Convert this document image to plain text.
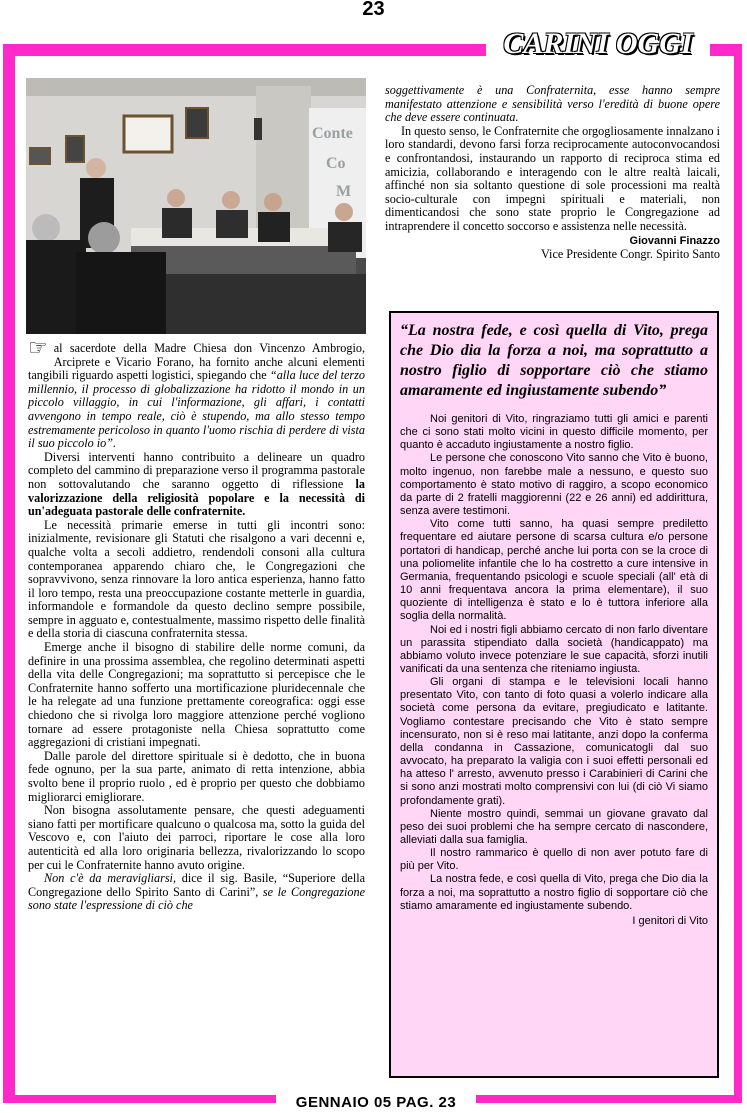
23
CARINI OGGI
Conte
Co
M

☞ al sacerdote della Madre Chiesa don Vincenzo Ambrogio, Arciprete e Vicario Forano, ha fornito anche alcuni elementi tangibili riguardo aspetti logistici, spiegando che “alla luce del terzo millennio, il processo di globalizzazione ha ridotto il mondo in un piccolo villaggio, in cui l'informazione, gli affari, i contatti avvengono in tempo reale, ciò è stupendo, ma allo stesso tempo estremamente pericoloso in quanto l'uomo rischia di perdere di vista il suo piccolo io”.

Diversi interventi hanno contribuito a delineare un quadro completo del cammino di preparazione verso il programma pastorale non sottovalutando che saranno oggetto di riflessione la valorizzazione della religiosità popolare e la necessità di un'adeguata pastorale delle confraternite.

Le necessità primarie emerse in tutti gli incontri sono: inizialmente, revisionare gli Statuti che risalgono a vari decenni e, qualche volta a secoli addietro, rendendoli consoni alla cultura contemporanea apparendo chiaro che, le Congregazioni che sopravvivono, senza rinnovare la loro antica esperienza, hanno fatto il loro tempo, resta una preoccupazione costante metterle in guardia, informandole e formandole da questo declino sempre possibile, sempre in agguato e, contestualmente, massimo rispetto delle finalità e della storia di ciascuna confraternita stessa.

Emerge anche il bisogno di stabilire delle norme comuni, da definire in una prossima assemblea, che regolino determinati aspetti della vita delle Congregazioni; ma soprattutto si percepisce che le Confraternite hanno sofferto una mortificazione pluridecennale che le ha relegate ad una funzione prettamente coreografica: oggi esse chiedono che si rivolga loro maggiore attenzione perché vogliono tornare ad essere protagoniste nella Chiesa soprattutto come aggregazioni di cristiani impegnati.

Dalle parole del direttore spirituale si è dedotto, che in buona fede ognuno, per la sua parte, animato di retta intenzione, abbia svolto bene il proprio ruolo , ed è proprio per questo che dobbiamo migliorarci emigliorare.

Non bisogna assolutamente pensare, che questi adeguamenti siano fatti per mortificare qualcuno o qualcosa ma, sotto la guida del Vescovo e, con l'aiuto dei parroci, riportare le cose alla loro autenticità ed alla loro originaria bellezza, rivalorizzando lo scopo per cui le Confraternite hanno avuto origine.

Non c'è da meravigliarsi, dice il sig. Basile, “Superiore della Congregazione dello Spirito Santo di Carini”, se le Congregazione sono state l'espressione di ciò che

soggettivamente è una Confraternita, esse hanno sempre manifestato attenzione e sensibilità verso l'eredità di buone opere che deve essere continuata.

In questo senso, le Confraternite che orgogliosamente innalzano i loro standardi, devono farsi forza reciprocamente autoconvocandosi e confrontandosi, instaurando un rapporto di reciproca stima ed amicizia, collaborando e interagendo con le altre realtà laicali, affinché non sia soltanto questione di sole processioni ma realtà socio-culturale con impegni spirituali e materiali, non dimenticandosi che sono state proprio le Congregazione ad intraprendere il concetto soccorso e assistenza nelle necessità.

Giovanni Finazzo

Vice Presidente Congr. Spirito Santo

“La nostra fede, e così quella di Vito, prega che Dio dia la forza a noi, ma soprattutto a nostro figlio di sopportare ciò che stiamo amaramente ed ingiustamente subendo”

Noi genitori di Vito, ringraziamo tutti gli amici e parenti che ci sono stati molto vicini in questo difficile momento, per quanto è accaduto ingiustamente a nostro figlio.

Le persone che conoscono Vito sanno che Vito è buono, molto ingenuo, non farebbe male a nessuno, e questo suo comportamento è stato motivo di raggiro, a scopo economico da parte di 2 fratelli maggiorenni (22 e 26 anni) ed addirittura, senza avere testimoni.

Vito come tutti sanno, ha quasi sempre prediletto frequentare ed aiutare persone di scarsa cultura e/o persone portatori di handicap, perché anche lui porta con se la croce di una poliomelite infantile che lo ha costretto a cure intensive in Germania, frequentando psicologi e scuole speciali (all' età di 10 anni frequentava ancora la prima elementare), il suo quoziente di intelligenza è stato e lo è tuttora inferiore alla soglia della normalità.

Noi ed i nostri figli abbiamo cercato di non farlo diventare un parassita stipendiato dalla società (handicappato) ma abbiamo voluto invece potenziare le sue capacità, sforzi inutili vanificati da una sentenza che riteniamo ingiusta.

Gli organi di stampa e le televisioni locali hanno presentato Vito, con tanto di foto quasi a volerlo indicare alla società come persona da evitare, pregiudicato e latitante. Vogliamo contestare precisando che Vito è stato sempre incensurato, non si è reso mai latitante, anzi dopo la conferma della condanna in Cassazione, comunicatogli dal suo avvocato, ha preparato la valigia con i suoi effetti personali ed ha atteso l' arresto, avvenuto presso i Carabinieri di Carini che si sono anzi mostrati molto comprensivi con lui (di ciò Vi siamo profondamente grati).

Niente mostro quindi, semmai un giovane gravato dal peso dei suoi problemi che ha sempre cercato di nascondere, alleviati dalla sua famiglia.

Il nostro rammarico è quello di non aver potuto fare di più per Vito.

La nostra fede, e così quella di Vito, prega che Dio dia la forza a noi, ma soprattutto a nostro figlio di sopportare ciò che stiamo amaramente ed ingiustamente subendo.

I genitori di Vito
GENNAIO 05 PAG. 23
